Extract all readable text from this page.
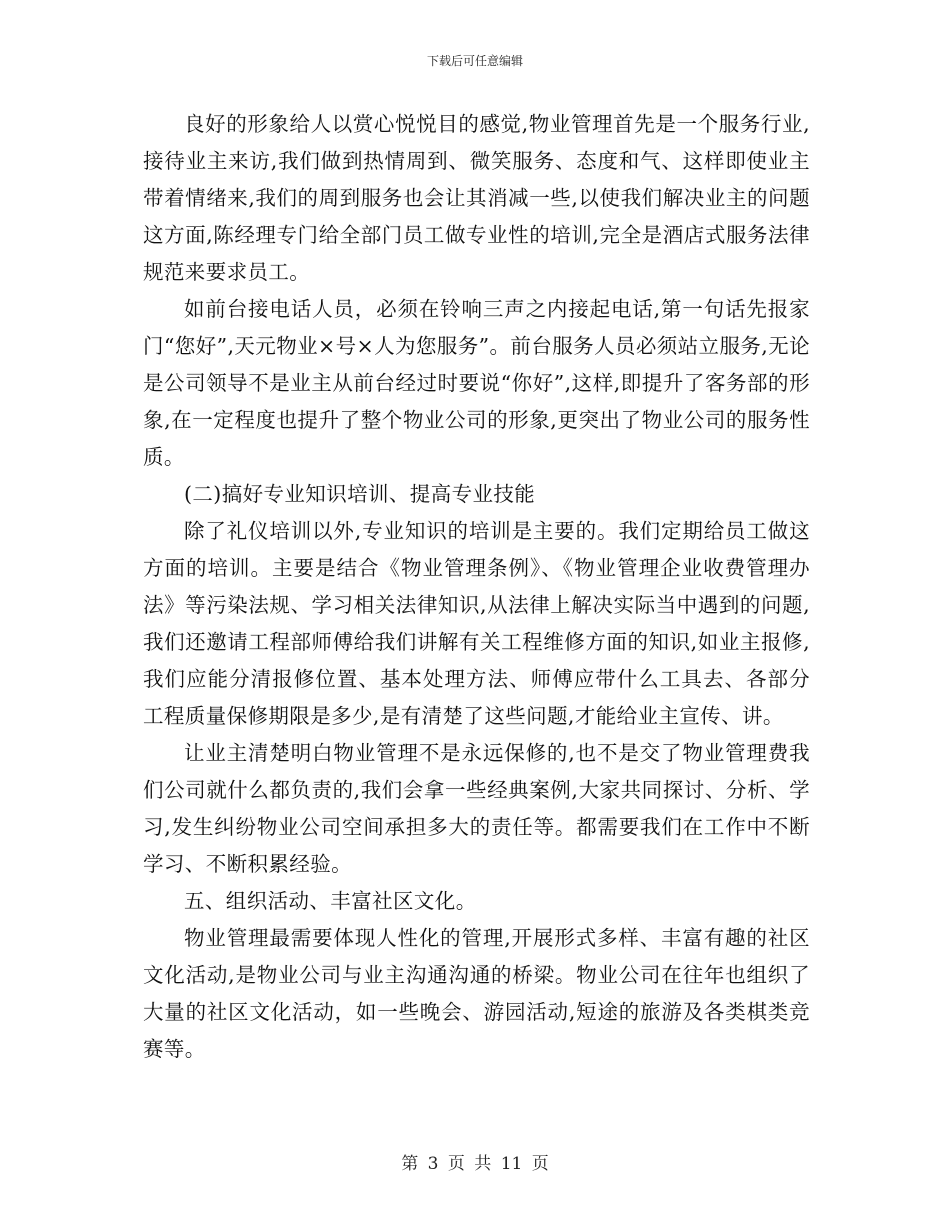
下载后可任意编辑

良好的形象给人以赏心悦悦目的感觉,物业管理首先是一个服务行业,接待业主来访,我们做到热情周到、微笑服务、态度和气、这样即使业主带着情绪来,我们的周到服务也会让其消减一些,以使我们解决业主的问题这方面,陈经理专门给全部门员工做专业性的培训,完全是酒店式服务法律规范来要求员工。

如前台接电话人员，必须在铃响三声之内接起电话,第一句话先报家门“您好”,天元物业×号×人为您服务”。前台服务人员必须站立服务,无论是公司领导不是业主从前台经过时要说“你好”,这样,即提升了客务部的形象,在一定程度也提升了整个物业公司的形象,更突出了物业公司的服务性质。

(二)搞好专业知识培训、提高专业技能

除了礼仪培训以外,专业知识的培训是主要的。我们定期给员工做这方面的培训。主要是结合《物业管理条例》、《物业管理企业收费管理办法》等污染法规、学习相关法律知识,从法律上解决实际当中遇到的问题,我们还邀请工程部师傅给我们讲解有关工程维修方面的知识,如业主报修,我们应能分清报修位置、基本处理方法、师傅应带什么工具去、各部分工程质量保修期限是多少,是有清楚了这些问题,才能给业主宣传、讲。

让业主清楚明白物业管理不是永远保修的,也不是交了物业管理费我们公司就什么都负责的,我们会拿一些经典案例,大家共同探讨、分析、学习,发生纠纷物业公司空间承担多大的责任等。都需要我们在工作中不断学习、不断积累经验。

五、组织活动、丰富社区文化。

物业管理最需要体现人性化的管理,开展形式多样、丰富有趣的社区文化活动,是物业公司与业主沟通沟通的桥梁。物业公司在往年也组织了大量的社区文化活动，如一些晚会、游园活动,短途的旅游及各类棋类竞赛等。

第 3 页 共 11 页
